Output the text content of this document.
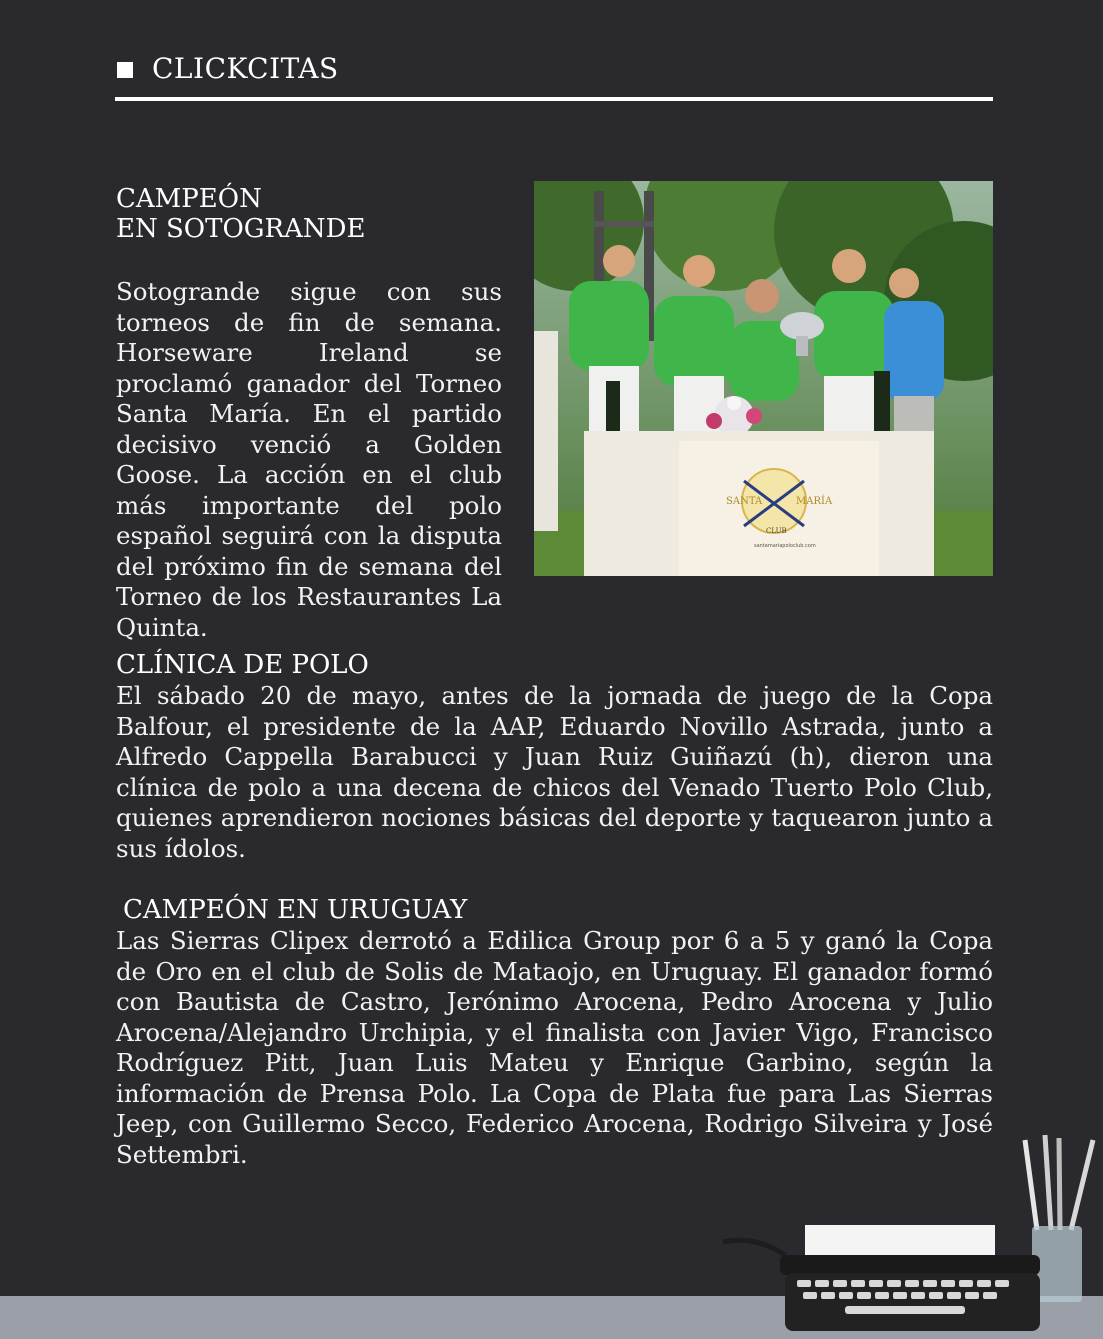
CLICKCITAS
CAMPEÓN
EN SOTOGRANDE
Sotogrande sigue con sus torneos de fin de semana. Horseware Ireland se proclamó ganador del Torneo Santa María. En el partido decisivo venció a Golden Goose. La acción en el club más importante del polo español seguirá con la disputa del próximo fin de semana del Torneo de los Restaurantes La Quinta.
SANTA	MARÍA
CLUB
santamariapoloclub.com
CLÍNICA DE POLO
El sábado 20 de mayo, antes de la jornada de juego de la Copa Balfour, el presidente de la AAP, Eduardo Novillo Astrada, junto a Alfredo Cappella Barabucci y Juan Ruiz Guiñazú (h), dieron una clínica de polo a una decena de chicos del Venado Tuerto Polo Club, quienes aprendieron nociones básicas del deporte y taquearon junto a sus ídolos.
CAMPEÓN EN URUGUAY
Las Sierras Clipex derrotó a Edilica Group por 6 a 5 y ganó la Copa de Oro en el club de Solis de Mataojo, en Uruguay. El ganador formó con Bautista de Castro, Jerónimo Arocena, Pedro Arocena y Julio Arocena/Alejandro Urchipia, y el finalista con Javier Vigo, Francisco Rodríguez Pitt, Juan Luis Mateu y Enrique Garbino, según la información de Prensa Polo. La Copa de Plata fue para Las Sierras Jeep, con Guillermo Secco, Federico Arocena, Rodrigo Silveira y José Settembri.
